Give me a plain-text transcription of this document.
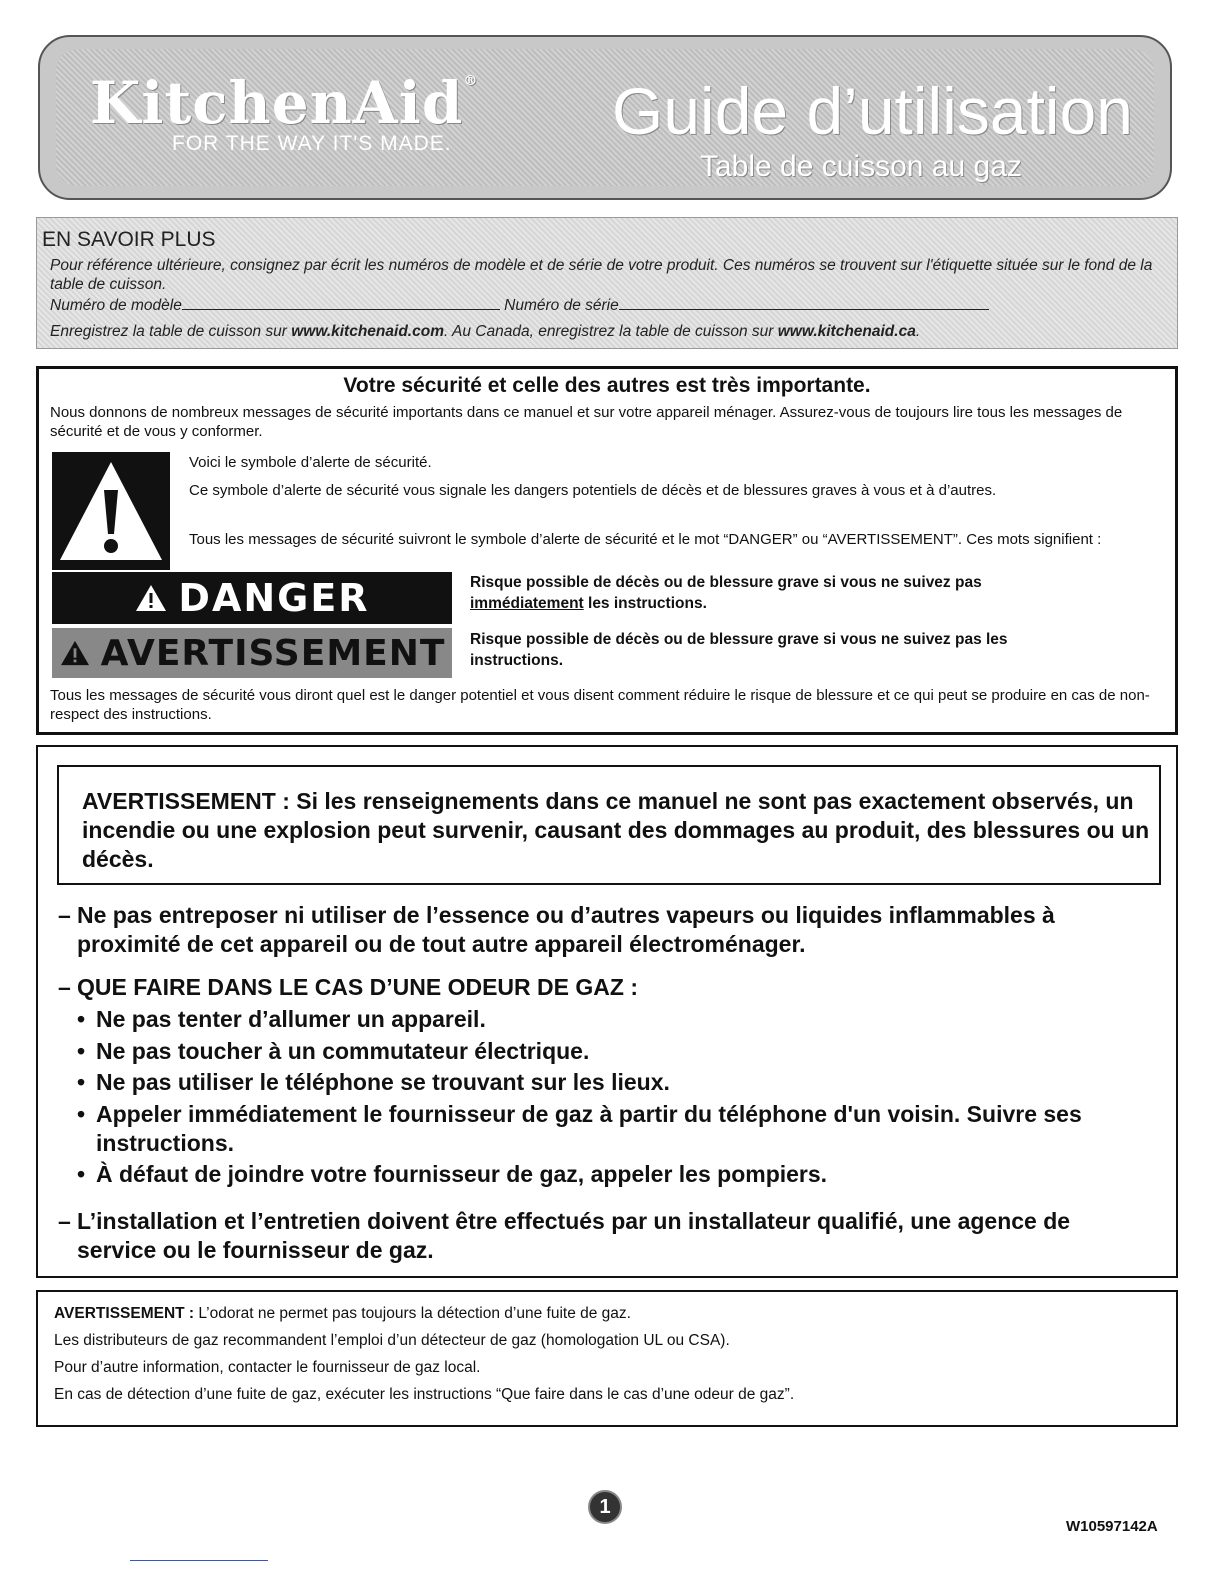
KitchenAid®
FOR THE WAY IT'S MADE. Guide d’utilisation
Table de cuisson au gaz
EN SAVOIR PLUS
Pour référence ultérieure, consignez par écrit les numéros de modèle et de série de votre produit. Ces numéros se trouvent sur l'étiquette située sur le fond de la table de cuisson.
Numéro de modèle	Numéro de série
Enregistrez la table de cuisson sur www.kitchenaid.com. Au Canada, enregistrez la table de cuisson sur www.kitchenaid.ca.
Votre sécurité et celle des autres est très importante.
Nous donnons de nombreux messages de sécurité importants dans ce manuel et sur votre appareil ménager. Assurez-vous de toujours lire tous les messages de sécurité et de vous y conformer.
Voici le symbole d’alerte de sécurité.
Ce symbole d’alerte de sécurité vous signale les dangers potentiels de décès et de blessures graves à vous et à d’autres.
Tous les messages de sécurité suivront le symbole d’alerte de sécurité et le mot “DANGER” ou “AVERTISSEMENT”. Ces mots signifient :
DANGER	Risque possible de décès ou de blessure grave si vous ne suivez pas
immédiatement les instructions.
AVERTISSEMENT Risque possible de décès ou de blessure grave si vous ne suivez pas les instructions.
Tous les messages de sécurité vous diront quel est le danger potentiel et vous disent comment réduire le risque de blessure et ce qui peut se produire en cas de non-respect des instructions.
AVERTISSEMENT : Si les renseignements dans ce manuel ne sont pas exactement observés, un incendie ou une explosion peut survenir, causant des dommages au produit, des blessures ou un décès.
– Ne pas entreposer ni utiliser de l’essence ou d’autres vapeurs ou liquides inflammables à proximité de cet appareil ou de tout autre appareil électroménager.
– QUE FAIRE DANS LE CAS D’UNE ODEUR DE GAZ :
• Ne pas tenter d’allumer un appareil.
• Ne pas toucher à un commutateur électrique.
• Ne pas utiliser le téléphone se trouvant sur les lieux.
• Appeler immédiatement le fournisseur de gaz à partir du téléphone d'un voisin. Suivre ses instructions.
• À défaut de joindre votre fournisseur de gaz, appeler les pompiers.
– L’installation et l’entretien doivent être effectués par un installateur qualifié, une agence de service ou le fournisseur de gaz.
AVERTISSEMENT : L’odorat ne permet pas toujours la détection d’une fuite de gaz.
Les distributeurs de gaz recommandent l’emploi d’un détecteur de gaz (homologation UL ou CSA).
Pour d’autre information, contacter le fournisseur de gaz local.
En cas de détection d’une fuite de gaz, exécuter les instructions “Que faire dans le cas d’une odeur de gaz”.
1
W10597142A
